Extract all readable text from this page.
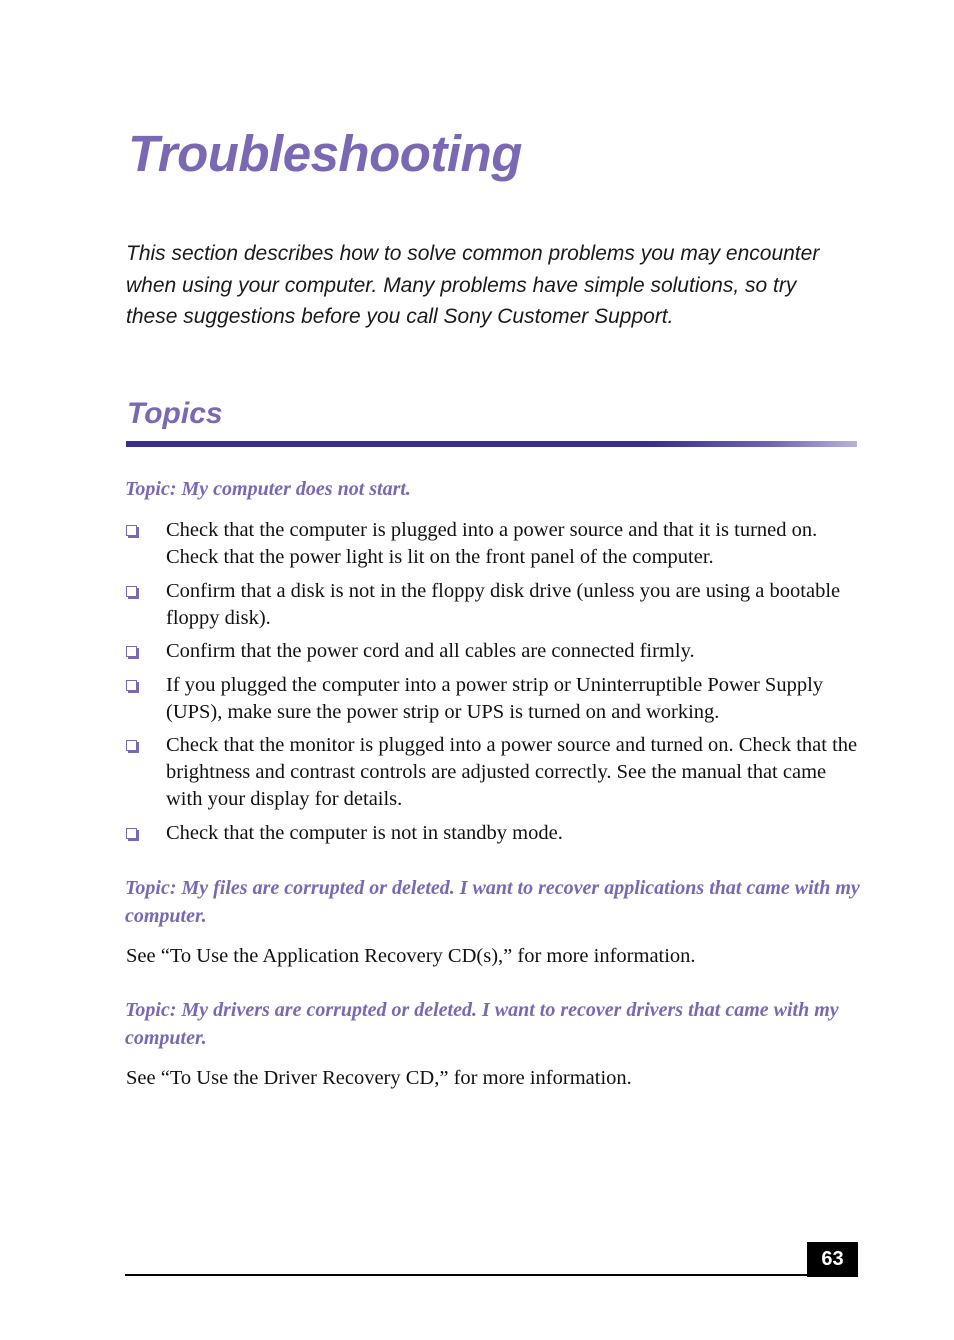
Troubleshooting

This section describes how to solve common problems you may encounter when using your computer. Many problems have simple solutions, so try these suggestions before you call Sony Customer Support.

Topics
Topic: My computer does not start.
Check that the computer is plugged into a power source and that it is turned on. Check that the power light is lit on the front panel of the computer.
Confirm that a disk is not in the floppy disk drive (unless you are using a bootable floppy disk).
Confirm that the power cord and all cables are connected firmly.
If you plugged the computer into a power strip or Uninterruptible Power Supply (UPS), make sure the power strip or UPS is turned on and working.
Check that the monitor is plugged into a power source and turned on. Check that the brightness and contrast controls are adjusted correctly. See the manual that came with your display for details.
Check that the computer is not in standby mode.
Topic: My files are corrupted or deleted. I want to recover applications that came with my computer.

See “To Use the Application Recovery CD(s),” for more information.

Topic: My drivers are corrupted or deleted. I want to recover drivers that came with my computer.

See “To Use the Driver Recovery CD,” for more information.

63
